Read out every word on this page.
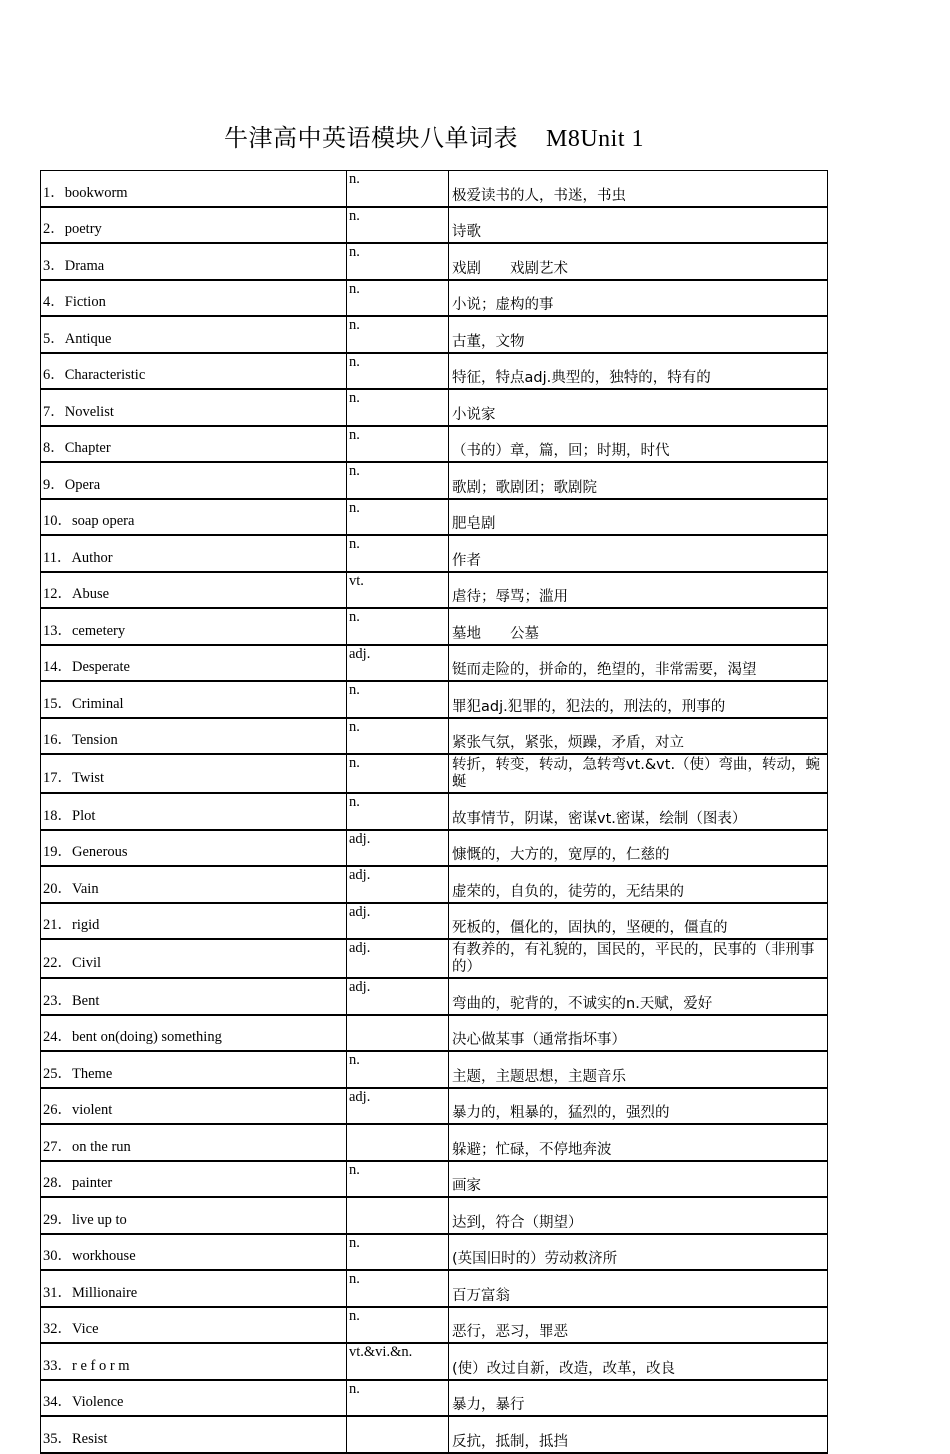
牛津高中英语模块八单词表 M8Unit 1
1．bookworm	n.	极爱读书的人，书迷，书虫
2．poetry	n.	诗歌
3．Drama	n.	戏剧　　戏剧艺术
4．Fiction	n.	小说；虚构的事
5．Antique	n.	古董，文物
6．Characteristic	n.	特征，特点adj.典型的，独特的，特有的
7．Novelist	n.	小说家
8．Chapter	n.	（书的）章，篇，回；时期，时代
9．Opera	n.	歌剧；歌剧团；歌剧院
10．soap opera	n.	肥皂剧
11．Author	n.	作者
12．Abuse	vt.	虐待；辱骂；滥用
13．cemetery	n.	墓地　　公墓
14．Desperate	adj.	铤而走险的，拼命的，绝望的，非常需要，渴望
15．Criminal	n.	罪犯adj.犯罪的，犯法的，刑法的，刑事的
16．Tension	n.	紧张气氛，紧张，烦躁，矛盾，对立
17．Twist	n.	转折，转变，转动，急转弯vt.&vt.（使）弯曲，转动，蜿蜒
18．Plot	n.	故事情节，阴谋，密谋vt.密谋，绘制（图表）
19．Generous	adj.	慷慨的，大方的，宽厚的，仁慈的
20．Vain	adj.	虚荣的，自负的，徒劳的，无结果的
21．rigid	adj.	死板的，僵化的，固执的，坚硬的，僵直的
22．Civil	adj.	有教养的，有礼貌的，国民的，平民的，民事的（非刑事的）
23．Bent	adj.	弯曲的，驼背的，不诚实的n.天赋，爱好
24．bent on(doing) something		决心做某事（通常指坏事）
25．Theme	n.	主题，主题思想，主题音乐
26．violent	adj.	暴力的，粗暴的，猛烈的，强烈的
27．on the run		躲避；忙碌，不停地奔波
28．painter	n.	画家
29．live up to		达到，符合（期望）
30．workhouse	n.	(英国旧时的）劳动救济所
31．Millionaire	n.	百万富翁
32．Vice	n.	恶行，恶习，罪恶
33．r e f o r m	vt.&vi.&n.	(使）改过自新，改造，改革，改良
34．Violence	n.	暴力，暴行
35．Resist		反抗，抵制，抵挡
